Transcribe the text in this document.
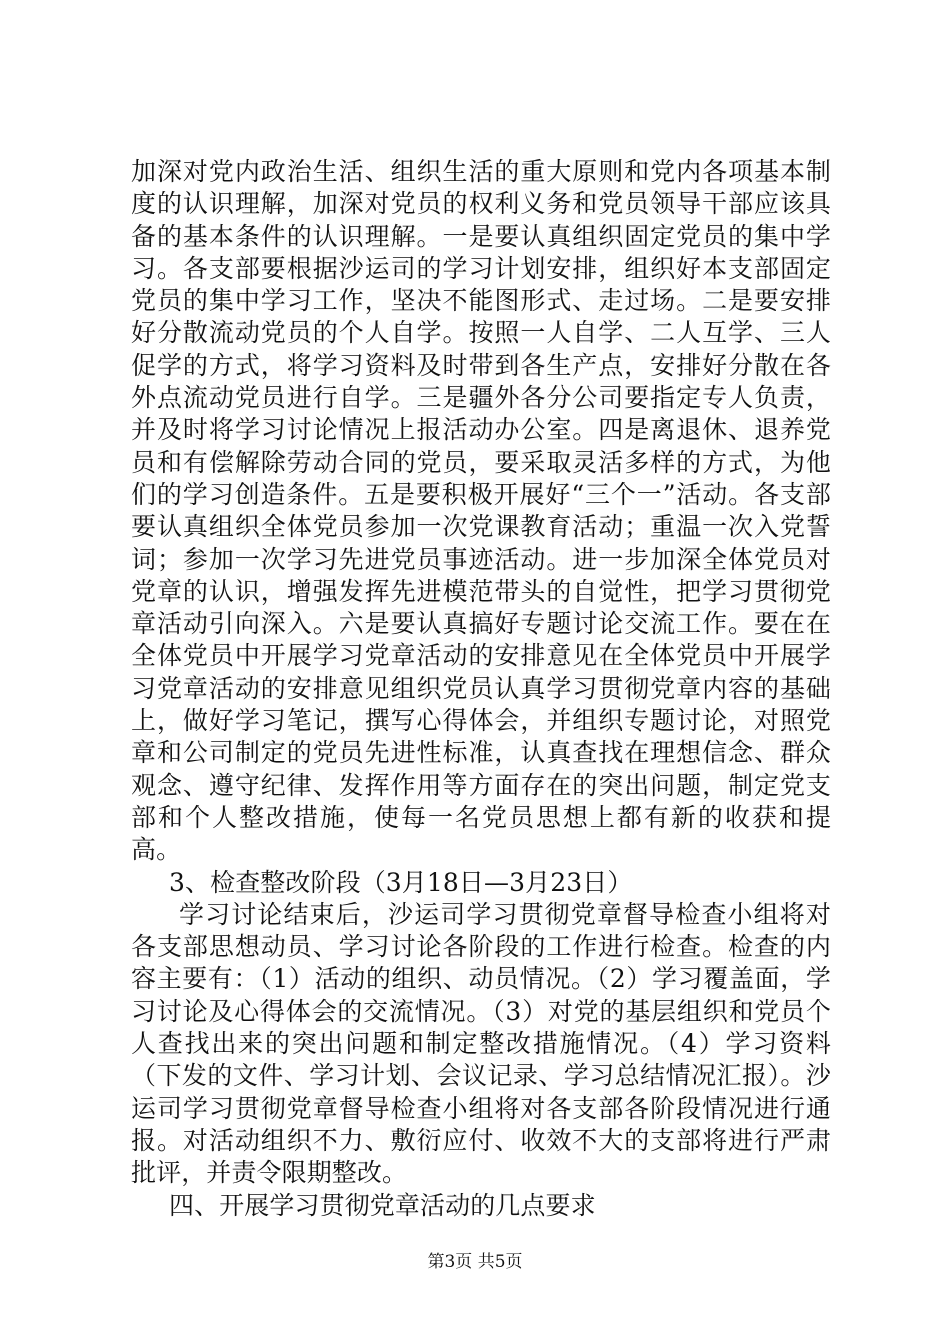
加深对党内政治生活、组织生活的重大原则和党内各项基本制度的认识理解，加深对党员的权利义务和党员领导干部应该具备的基本条件的认识理解。一是要认真组织固定党员的集中学习。各支部要根据沙运司的学习计划安排，组织好本支部固定党员的集中学习工作，坚决不能图形式、走过场。二是要安排好分散流动党员的个人自学。按照一人自学、二人互学、三人促学的方式，将学习资料及时带到各生产点，安排好分散在各外点流动党员进行自学。三是疆外各分公司要指定专人负责，并及时将学习讨论情况上报活动办公室。四是离退休、退养党员和有偿解除劳动合同的党员，要采取灵活多样的方式，为他们的学习创造条件。五是要积极开展好“三个一”活动。各支部要认真组织全体党员参加一次党课教育活动；重温一次入党誓词；参加一次学习先进党员事迹活动。进一步加深全体党员对党章的认识，增强发挥先进模范带头的自觉性，把学习贯彻党章活动引向深入。六是要认真搞好专题讨论交流工作。要在在全体党员中开展学习党章活动的安排意见在全体党员中开展学习党章活动的安排意见组织党员认真学习贯彻党章内容的基础上，做好学习笔记，撰写心得体会，并组织专题讨论，对照党章和公司制定的党员先进性标准，认真查找在理想信念、群众观念、遵守纪律、发挥作用等方面存在的突出问题，制定党支部和个人整改措施，使每一名党员思想上都有新的收获和提高。

3、检查整改阶段（3月18日—3月23日）

学习讨论结束后，沙运司学习贯彻党章督导检查小组将对各支部思想动员、学习讨论各阶段的工作进行检查。检查的内容主要有：（1）活动的组织、动员情况。（2）学习覆盖面，学习讨论及心得体会的交流情况。（3）对党的基层组织和党员个人查找出来的突出问题和制定整改措施情况。（4）学习资料（下发的文件、学习计划、会议记录、学习总结情况汇报）。沙运司学习贯彻党章督导检查小组将对各支部各阶段情况进行通报。对活动组织不力、敷衍应付、收效不大的支部将进行严肃批评，并责令限期整改。

四、开展学习贯彻党章活动的几点要求

第3页 共5页
